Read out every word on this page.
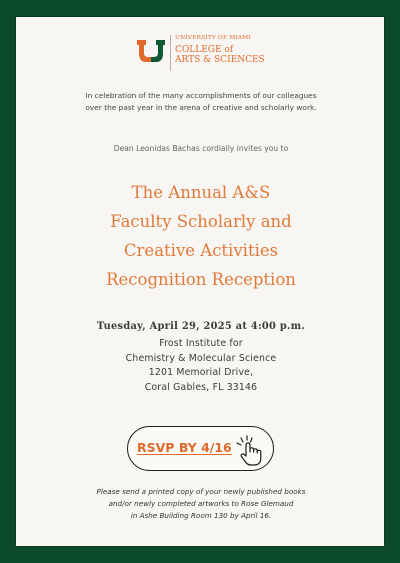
UNIVERSITY OF MIAMI
COLLEGE of
ARTS & SCIENCES
In celebration of the many accomplishments of our colleagues
over the past year in the arena of creative and scholarly work.
Dean Leonidas Bachas cordially invites you to
The Annual A&S
Faculty Scholarly and
Creative Activities
Recognition Reception
Tuesday, April 29, 2025 at 4:00 p.m.
Frost Institute for
Chemistry & Molecular Science
1201 Memorial Drive,
Coral Gables, FL 33146
RSVP BY 4/16
Please send a printed copy of your newly published books
and/or newly completed artworks to Rose Glemaud
in Ashe Building Room 130 by April 16.
